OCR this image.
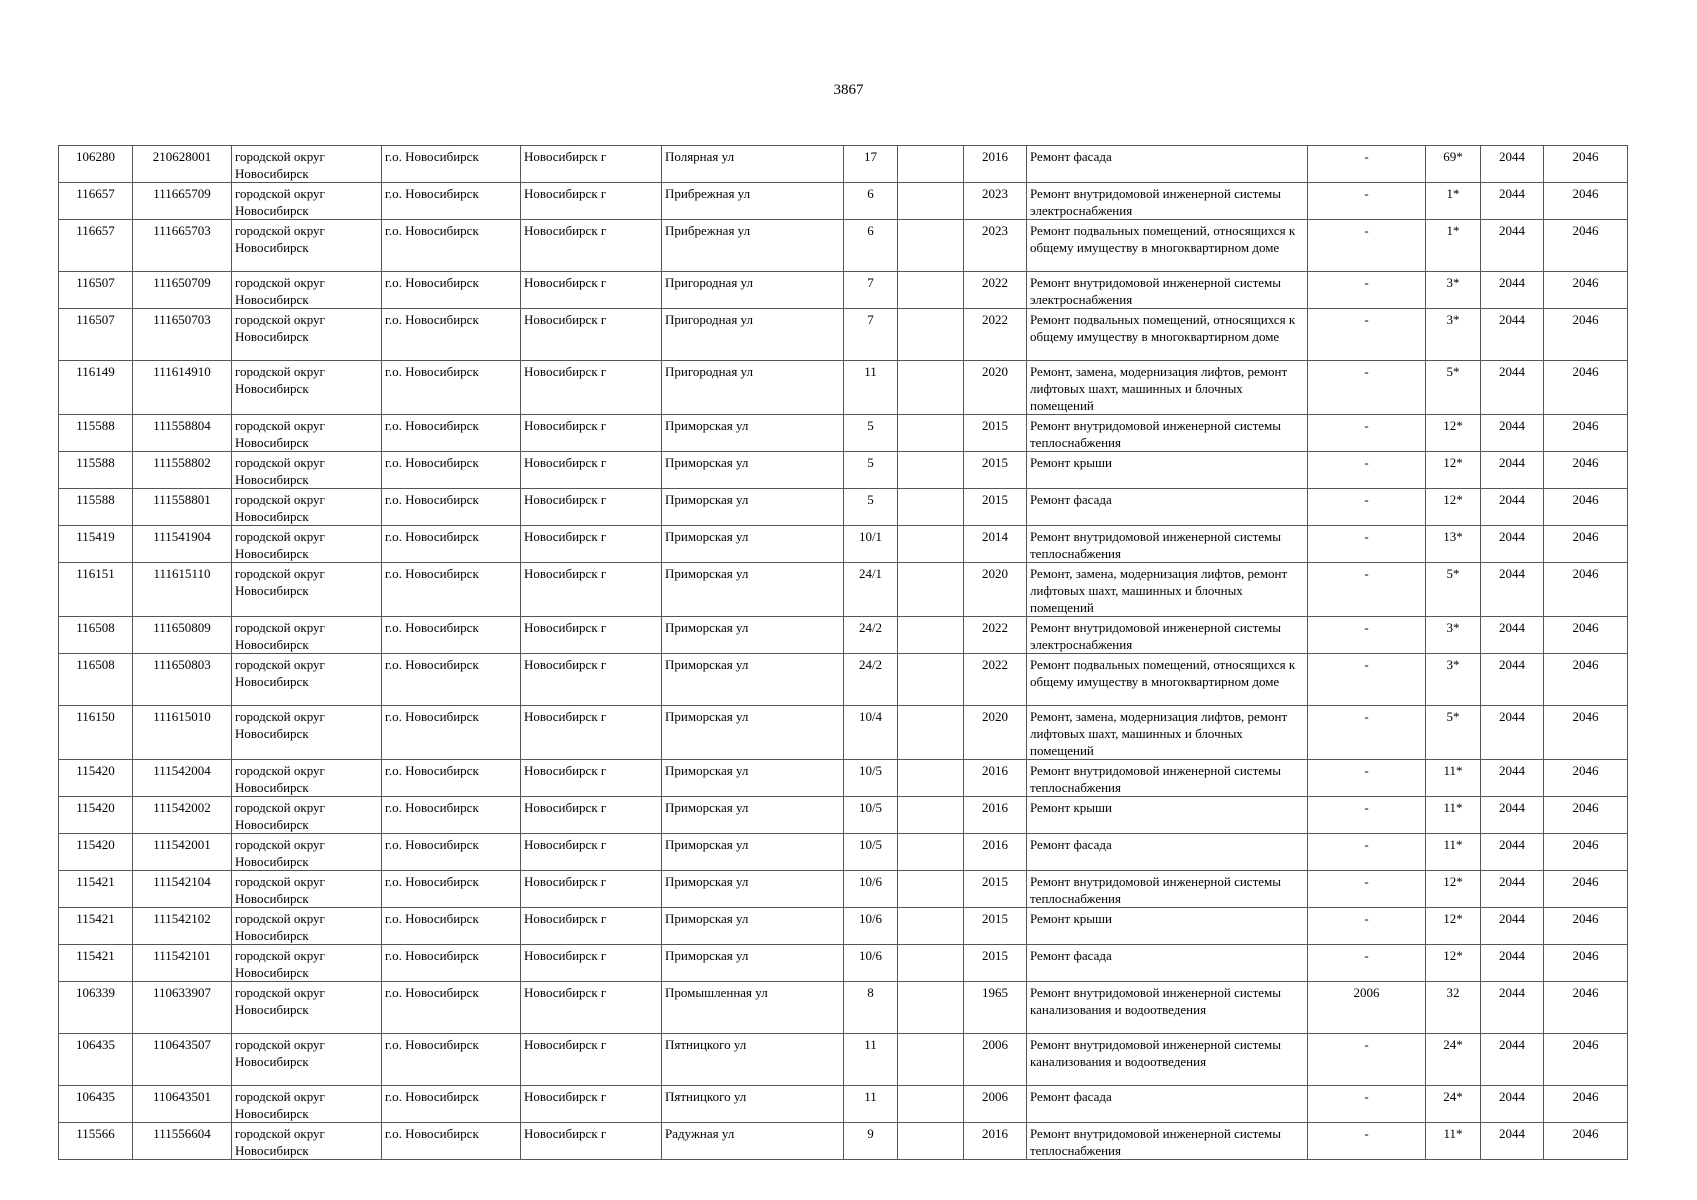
3867
106280	210628001	городской округ Новосибирск	г.о. Новосибирск	Новосибирск г	Полярная ул	17		2016	Ремонт фасада	-	69*	2044	2046
116657	111665709	городской округ Новосибирск	г.о. Новосибирск	Новосибирск г	Прибрежная ул	6		2023	Ремонт внутридомовой инженерной системы электроснабжения	-	1*	2044	2046
116657	111665703	городской округ Новосибирск	г.о. Новосибирск	Новосибирск г	Прибрежная ул	6		2023	Ремонт подвальных помещений, относящихся к общему имуществу в многоквартирном доме	-	1*	2044	2046
116507	111650709	городской округ Новосибирск	г.о. Новосибирск	Новосибирск г	Пригородная ул	7		2022	Ремонт внутридомовой инженерной системы электроснабжения	-	3*	2044	2046
116507	111650703	городской округ Новосибирск	г.о. Новосибирск	Новосибирск г	Пригородная ул	7		2022	Ремонт подвальных помещений, относящихся к общему имуществу в многоквартирном доме	-	3*	2044	2046
116149	111614910	городской округ Новосибирск	г.о. Новосибирск	Новосибирск г	Пригородная ул	11		2020	Ремонт, замена, модернизация лифтов, ремонт лифтовых шахт, машинных и блочных помещений	-	5*	2044	2046
115588	111558804	городской округ Новосибирск	г.о. Новосибирск	Новосибирск г	Приморская ул	5		2015	Ремонт внутридомовой инженерной системы теплоснабжения	-	12*	2044	2046
115588	111558802	городской округ Новосибирск	г.о. Новосибирск	Новосибирск г	Приморская ул	5		2015	Ремонт крыши	-	12*	2044	2046
115588	111558801	городской округ Новосибирск	г.о. Новосибирск	Новосибирск г	Приморская ул	5		2015	Ремонт фасада	-	12*	2044	2046
115419	111541904	городской округ Новосибирск	г.о. Новосибирск	Новосибирск г	Приморская ул	10/1		2014	Ремонт внутридомовой инженерной системы теплоснабжения	-	13*	2044	2046
116151	111615110	городской округ Новосибирск	г.о. Новосибирск	Новосибирск г	Приморская ул	24/1		2020	Ремонт, замена, модернизация лифтов, ремонт лифтовых шахт, машинных и блочных помещений	-	5*	2044	2046
116508	111650809	городской округ Новосибирск	г.о. Новосибирск	Новосибирск г	Приморская ул	24/2		2022	Ремонт внутридомовой инженерной системы электроснабжения	-	3*	2044	2046
116508	111650803	городской округ Новосибирск	г.о. Новосибирск	Новосибирск г	Приморская ул	24/2		2022	Ремонт подвальных помещений, относящихся к общему имуществу в многоквартирном доме	-	3*	2044	2046
116150	111615010	городской округ Новосибирск	г.о. Новосибирск	Новосибирск г	Приморская ул	10/4		2020	Ремонт, замена, модернизация лифтов, ремонт лифтовых шахт, машинных и блочных помещений	-	5*	2044	2046
115420	111542004	городской округ Новосибирск	г.о. Новосибирск	Новосибирск г	Приморская ул	10/5		2016	Ремонт внутридомовой инженерной системы теплоснабжения	-	11*	2044	2046
115420	111542002	городской округ Новосибирск	г.о. Новосибирск	Новосибирск г	Приморская ул	10/5		2016	Ремонт крыши	-	11*	2044	2046
115420	111542001	городской округ Новосибирск	г.о. Новосибирск	Новосибирск г	Приморская ул	10/5		2016	Ремонт фасада	-	11*	2044	2046
115421	111542104	городской округ Новосибирск	г.о. Новосибирск	Новосибирск г	Приморская ул	10/6		2015	Ремонт внутридомовой инженерной системы теплоснабжения	-	12*	2044	2046
115421	111542102	городской округ Новосибирск	г.о. Новосибирск	Новосибирск г	Приморская ул	10/6		2015	Ремонт крыши	-	12*	2044	2046
115421	111542101	городской округ Новосибирск	г.о. Новосибирск	Новосибирск г	Приморская ул	10/6		2015	Ремонт фасада	-	12*	2044	2046
106339	110633907	городской округ Новосибирск	г.о. Новосибирск	Новосибирск г	Промышленная ул	8		1965	Ремонт внутридомовой инженерной системы канализования и водоотведения	2006	32	2044	2046
106435	110643507	городской округ Новосибирск	г.о. Новосибирск	Новосибирск г	Пятницкого ул	11		2006	Ремонт внутридомовой инженерной системы канализования и водоотведения	-	24*	2044	2046
106435	110643501	городской округ Новосибирск	г.о. Новосибирск	Новосибирск г	Пятницкого ул	11		2006	Ремонт фасада	-	24*	2044	2046
115566	111556604	городской округ Новосибирск	г.о. Новосибирск	Новосибирск г	Радужная ул	9		2016	Ремонт внутридомовой инженерной системы теплоснабжения	-	11*	2044	2046
